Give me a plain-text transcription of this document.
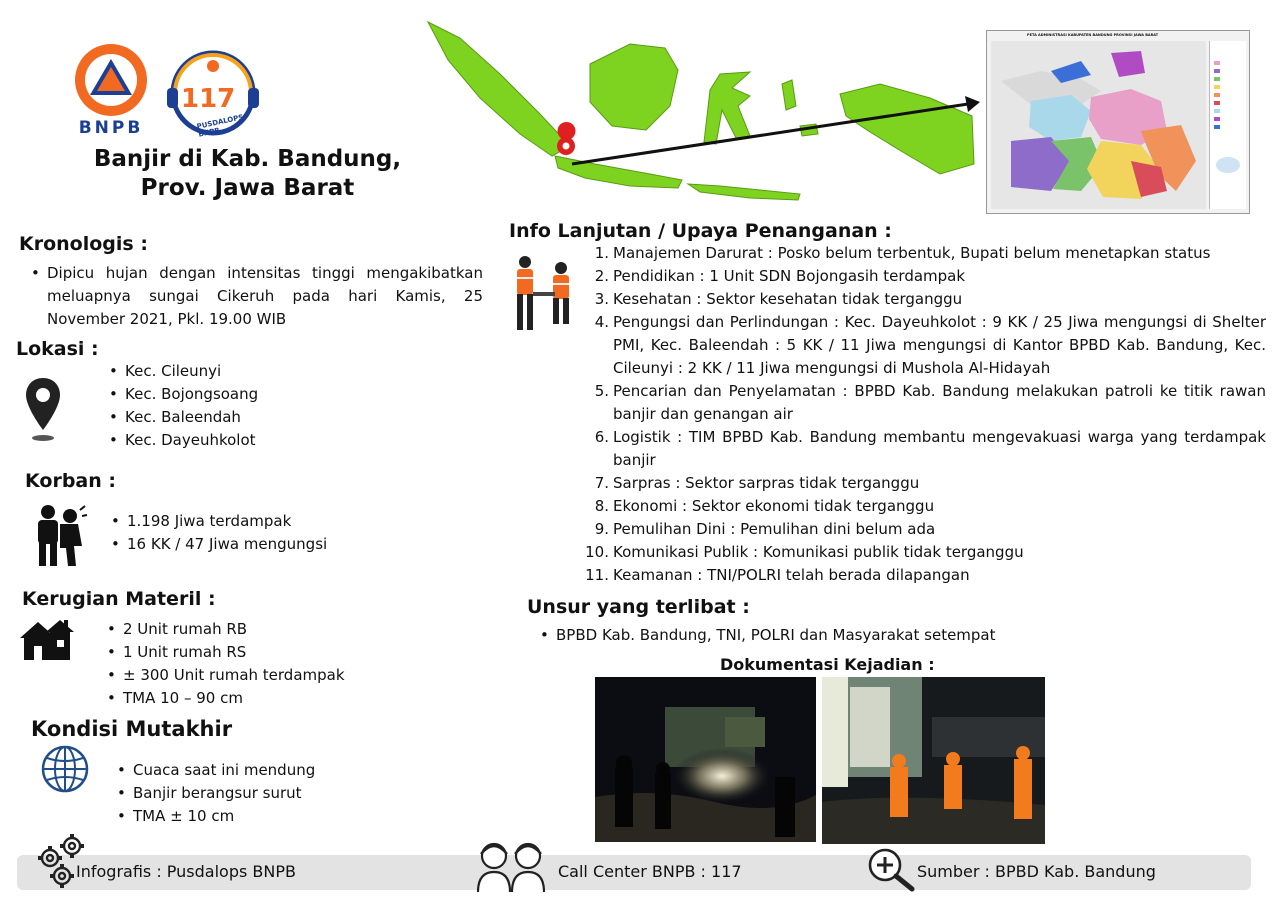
BNPB
117
PUSDALOPS BNPB
Banjir di Kab. Bandung,
Prov. Jawa Barat
PETA ADMINISTRASI KABUPATEN BANDUNG PROVINSI JAWA BARAT
Kronologis :
• Dipicu hujan dengan intensitas tinggi mengakibatkan meluapnya sungai Cikeruh pada hari Kamis, 25 November 2021, Pkl. 19.00 WIB
Lokasi :
• Kec. Cileunyi
• Kec. Bojongsoang
• Kec. Baleendah
• Kec. Dayeuhkolot
Korban :
• 1.198 Jiwa terdampak
• 16 KK / 47 Jiwa mengungsi
Kerugian Materil :
• 2 Unit rumah RB
• 1 Unit rumah RS
• ± 300 Unit rumah terdampak
• TMA 10 – 90 cm
Kondisi Mutakhir
• Cuaca saat ini mendung
• Banjir berangsur surut
• TMA ± 10 cm
Info Lanjutan / Upaya Penanganan :
1. Manajemen Darurat : Posko belum terbentuk, Bupati belum menetapkan status
2. Pendidikan : 1 Unit SDN Bojongasih terdampak
3. Kesehatan : Sektor kesehatan tidak terganggu
4. Pengungsi dan Perlindungan : Kec. Dayeuhkolot : 9 KK / 25 Jiwa mengungsi di Shelter PMI, Kec. Baleendah : 5 KK / 11 Jiwa mengungsi di Kantor BPBD Kab. Bandung, Kec. Cileunyi : 2 KK / 11 Jiwa mengungsi di Mushola Al-Hidayah
5. Pencarian dan Penyelamatan : BPBD Kab. Bandung melakukan patroli ke titik rawan banjir dan genangan air
6. Logistik : TIM BPBD Kab. Bandung membantu mengevakuasi warga yang terdampak banjir
7. Sarpras : Sektor sarpras tidak terganggu
8. Ekonomi : Sektor ekonomi tidak terganggu
9. Pemulihan Dini : Pemulihan dini belum ada
10. Komunikasi Publik : Komunikasi publik tidak terganggu
11. Keamanan : TNI/POLRI telah berada dilapangan
Unsur yang terlibat :
• BPBD Kab. Bandung, TNI, POLRI dan Masyarakat setempat
Dokumentasi Kejadian :
Infografis : Pusdalops BNPB	Call Center BNPB : 117	Sumber : BPBD Kab. Bandung
